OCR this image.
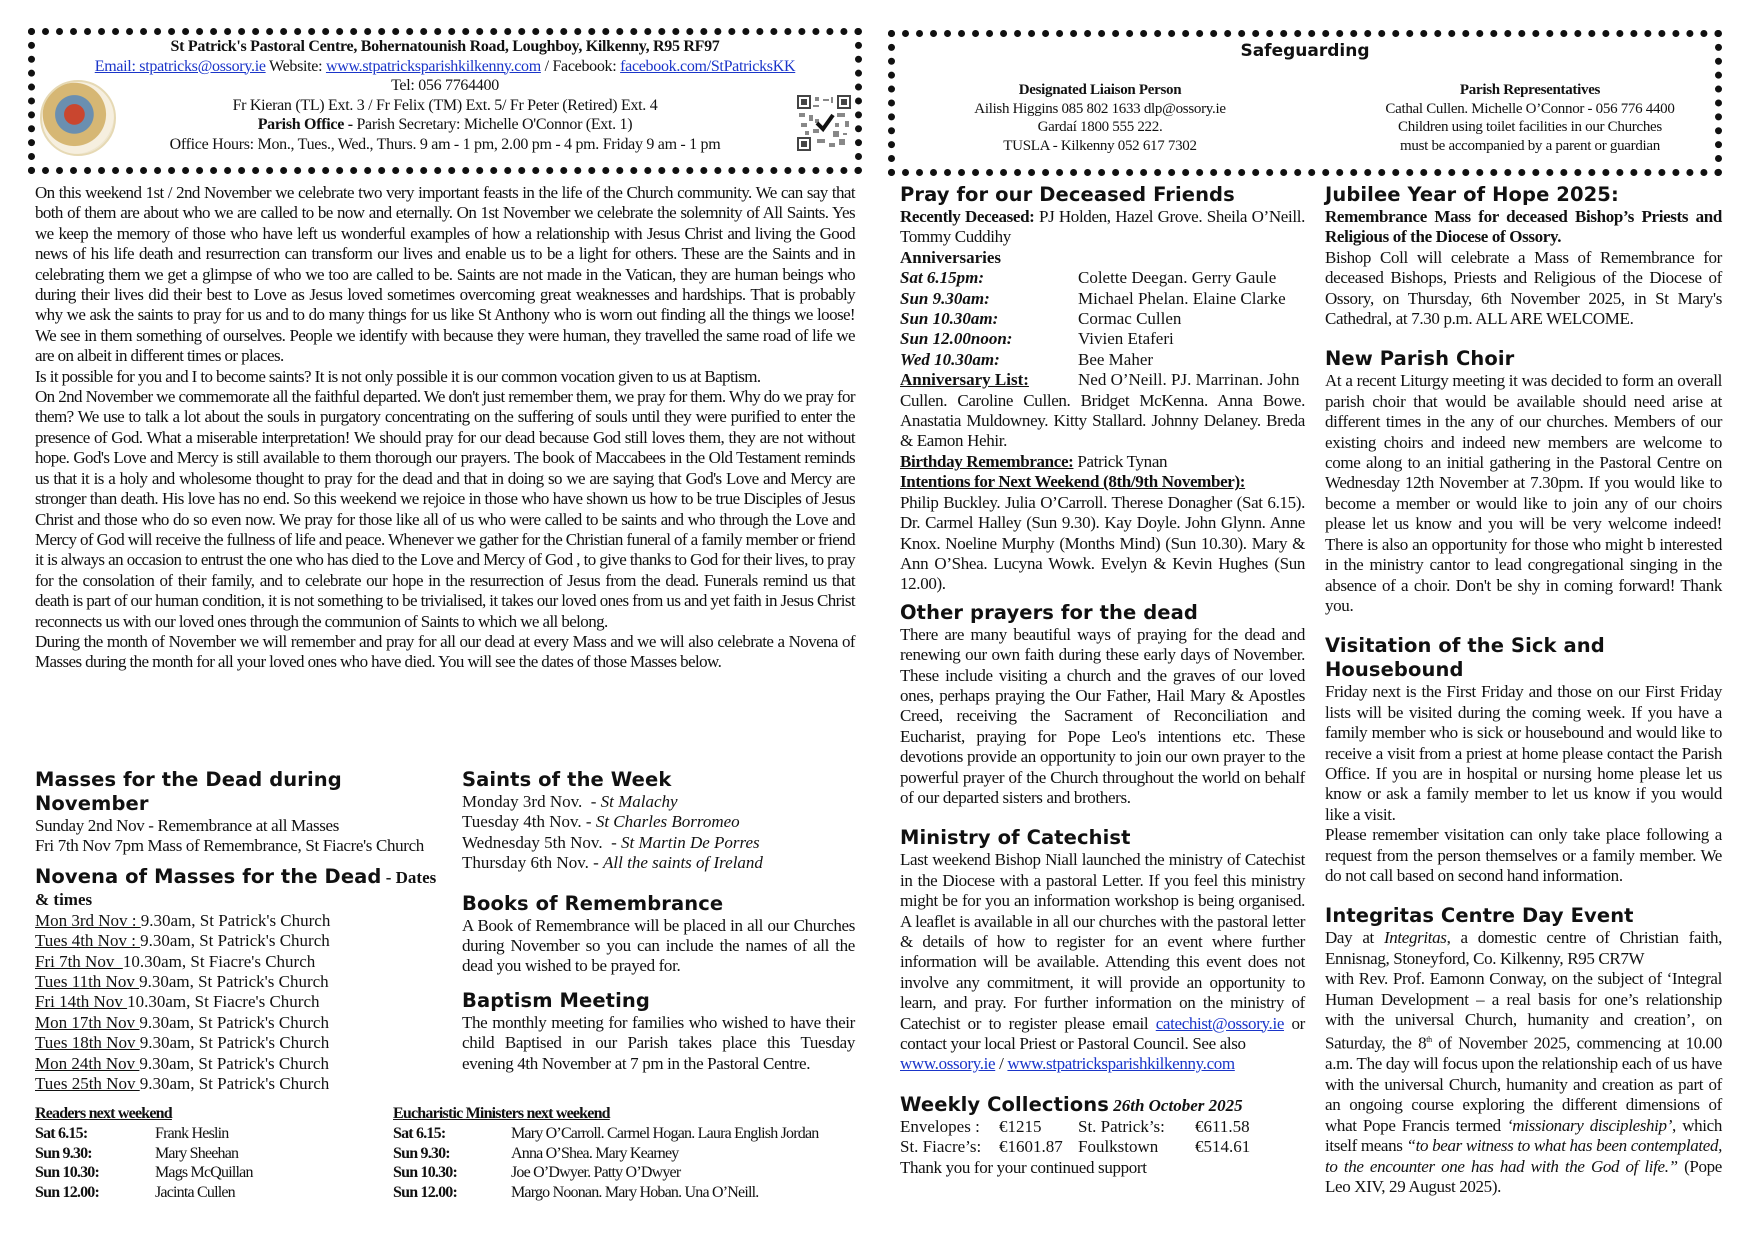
St Patrick's Pastoral Centre, Bohernatounish Road, Loughboy, Kilkenny, R95 RF97
Email: stpatricks@ossory.ie Website: www.stpatricksparishkilkenny.com / Facebook: facebook.com/StPatricksKK
Tel: 056 7764400
Fr Kieran (TL) Ext. 3 / Fr Felix (TM) Ext. 5/ Fr Peter (Retired) Ext. 4
Parish Office - Parish Secretary: Michelle O'Connor (Ext. 1)
Office Hours: Mon., Tues., Wed., Thurs. 9 am - 1 pm, 2.00 pm - 4 pm. Friday 9 am - 1 pm
Safeguarding
Designated Liaison Person
Ailish Higgins 085 802 1633 dlp@ossory.ie
Gardaí 1800 555 222.
TUSLA - Kilkenny 052 617 7302
Parish Representatives
Cathal Cullen. Michelle O’Connor - 056 776 4400
Children using toilet facilities in our Churches
must be accompanied by a parent or guardian

On this weekend 1st / 2nd November we celebrate two very important feasts in the life of the Church community. We can say that both of them are about who we are called to be now and eternally. On 1st November we celebrate the solemnity of All Saints. Yes we keep the memory of those who have left us wonderful examples of how a relationship with Jesus Christ and living the Good news of his life death and resurrection can transform our lives and enable us to be a light for others. These are the Saints and in celebrating them we get a glimpse of who we too are called to be. Saints are not made in the Vatican, they are human beings who during their lives did their best to Love as Jesus loved sometimes overcoming great weaknesses and hardships. That is probably why we ask the saints to pray for us and to do many things for us like St Anthony who is worn out finding all the things we loose! We see in them something of ourselves. People we identify with because they were human, they travelled the same road of life we are on albeit in different times or places.

Is it possible for you and I to become saints? It is not only possible it is our common vocation given to us at Baptism.

On 2nd November we commemorate all the faithful departed. We don't just remember them, we pray for them. Why do we pray for them? We use to talk a lot about the souls in purgatory concentrating on the suffering of souls until they were purified to enter the presence of God. What a miserable interpretation! We should pray for our dead because God still loves them, they are not without hope. God's Love and Mercy is still available to them thorough our prayers. The book of Maccabees in the Old Testament reminds us that it is a holy and wholesome thought to pray for the dead and that in doing so we are saying that God's Love and Mercy are stronger than death. His love has no end. So this weekend we rejoice in those who have shown us how to be true Disciples of Jesus Christ and those who do so even now. We pray for those like all of us who were called to be saints and who through the Love and Mercy of God will receive the fullness of life and peace. Whenever we gather for the Christian funeral of a family member or friend it is always an occasion to entrust the one who has died to the Love and Mercy of God , to give thanks to God for their lives, to pray for the consolation of their family, and to celebrate our hope in the resurrection of Jesus from the dead. Funerals remind us that death is part of our human condition, it is not something to be trivialised, it takes our loved ones from us and yet faith in Jesus Christ reconnects us with our loved ones through the communion of Saints to which we all belong.

During the month of November we will remember and pray for all our dead at every Mass and we will also celebrate a Novena of Masses during the month for all your loved ones who have died. You will see the dates of those Masses below.

Masses for the Dead during November

Sunday 2nd Nov - Remembrance at all Masses

Fri 7th Nov 7pm Mass of Remembrance, St Fiacre's Church

Novena of Masses for the Dead - Dates & times
Mon 3rd Nov : 9.30am, St Patrick's Church
Tues 4th Nov : 9.30am, St Patrick's Church
Fri 7th Nov 10.30am, St Fiacre's Church
Tues 11th Nov 9.30am, St Patrick's Church
Fri 14th Nov 10.30am, St Fiacre's Church
Mon 17th Nov 9.30am, St Patrick's Church
Tues 18th Nov 9.30am, St Patrick's Church
Mon 24th Nov 9.30am, St Patrick's Church
Tues 25th Nov 9.30am, St Patrick's Church
Saints of the Week
Monday 3rd Nov.  - St Malachy
Tuesday 4th Nov. - St Charles Borromeo
Wednesday 5th Nov.  - St Martin De Porres
Thursday 6th Nov. - All the saints of Ireland
Books of Remembrance

A Book of Remembrance will be placed in all our Churches during November so you can include the names of all the dead you wished to be prayed for.

Baptism Meeting

The monthly meeting for families who wished to have their child Baptised in our Parish takes place this Tuesday evening 4th November at 7 pm in the Pastoral Centre.

Readers next weekend
Sat 6.15:	Frank Heslin
Sun 9.30:	Mary Sheehan
Sun 10.30:	Mags McQuillan
Sun 12.00:	Jacinta Cullen
Eucharistic Ministers next weekend
Sat 6.15:	Mary O’Carroll. Carmel Hogan. Laura English Jordan
Sun 9.30:	Anna O’Shea. Mary Kearney
Sun 10.30:	Joe O’Dwyer. Patty O’Dwyer
Sun 12.00:	Margo Noonan. Mary Hoban. Una O’Neill.
Pray for our Deceased Friends

Recently Deceased: PJ Holden, Hazel Grove. Sheila O’Neill. Tommy Cuddihy

Anniversaries
Sat 6.15pm:	Colette Deegan. Gerry Gaule
Sun 9.30am:	Michael Phelan. Elaine Clarke
Sun 10.30am:	Cormac Cullen
Sun 12.00noon:	Vivien Etaferi
Wed 10.30am:	Bee Maher
Anniversary List:	Ned O’Neill. PJ. Marrinan. John

Cullen. Caroline Cullen. Bridget McKenna. Anna Bowe. Anastatia Muldowney. Kitty Stallard. Johnny Delaney. Breda & Eamon Hehir.

Birthday Remembrance: Patrick Tynan

Intentions for Next Weekend (8th/9th November):

Philip Buckley. Julia O’Carroll. Therese Donagher (Sat 6.15). Dr. Carmel Halley (Sun 9.30). Kay Doyle. John Glynn. Anne Knox. Noeline Murphy (Months Mind) (Sun 10.30). Mary & Ann O’Shea. Lucyna Wowk. Evelyn & Kevin Hughes (Sun 12.00).

Other prayers for the dead

There are many beautiful ways of praying for the dead and renewing our own faith during these early days of November. These include visiting a church and the graves of our loved ones, perhaps praying the Our Father, Hail Mary & Apostles Creed, receiving the Sacrament of Reconciliation and Eucharist, praying for Pope Leo's intentions etc. These devotions provide an opportunity to join our own prayer to the powerful prayer of the Church throughout the world on behalf of our departed sisters and brothers.

Ministry of Catechist

Last weekend Bishop Niall launched the ministry of Catechist in the Diocese with a pastoral Letter. If you feel this ministry might be for you an information workshop is being organised. A leaflet is available in all our churches with the pastoral letter & details of how to register for an event where further information will be available. Attending this event does not involve any commitment, it will provide an opportunity to learn, and pray. For further information on the ministry of Catechist or to register please email catechist@ossory.ie or contact your local Priest or Pastoral Council. See also

www.ossory.ie / www.stpatricksparishkilkenny.com

Weekly Collections 26th October 2025
Envelopes :	€1215	St. Patrick’s:	€611.58
St. Fiacre’s:	€1601.87 Foulkstown	€514.61

Thank you for your continued support

Jubilee Year of Hope 2025:

Remembrance Mass for deceased Bishop’s Priests and Religious of the Diocese of Ossory.

Bishop Coll will celebrate a Mass of Remembrance for deceased Bishops, Priests and Religious of the Diocese of Ossory, on Thursday, 6th November 2025, in St Mary's Cathedral, at 7.30 p.m. ALL ARE WELCOME.

New Parish Choir

At a recent Liturgy meeting it was decided to form an overall parish choir that would be available should need arise at different times in the any of our churches. Members of our existing choirs and indeed new members are welcome to come along to an initial gathering in the Pastoral Centre on Wednesday 12th November at 7.30pm. If you would like to become a member or would like to join any of our choirs please let us know and you will be very welcome indeed! There is also an opportunity for those who might b interested in the ministry cantor to lead congregational singing in the absence of a choir. Don't be shy in coming forward! Thank you.

Visitation of the Sick and Housebound

Friday next is the First Friday and those on our First Friday lists will be visited during the coming week. If you have a family member who is sick or housebound and would like to receive a visit from a priest at home please contact the Parish Office. If you are in hospital or nursing home please let us know or ask a family member to let us know if you would like a visit.

Please remember visitation can only take place following a request from the person themselves or a family member. We do not call based on second hand information.

Integritas Centre Day Event

Day at Integritas, a domestic centre of Christian faith, Ennisnag, Stoneyford, Co. Kilkenny, R95 CR7W

with Rev. Prof. Eamonn Conway, on the subject of ‘Integral Human Development – a real basis for one’s relationship with the universal Church, humanity and creation’, on Saturday, the 8th of November 2025, commencing at 10.00 a.m. The day will focus upon the relationship each of us have with the universal Church, humanity and creation as part of an ongoing course exploring the different dimensions of what Pope Francis termed ‘missionary discipleship’, which itself means “to bear witness to what has been contemplated, to the encounter one has had with the God of life.” (Pope Leo XIV, 29 August 2025).
